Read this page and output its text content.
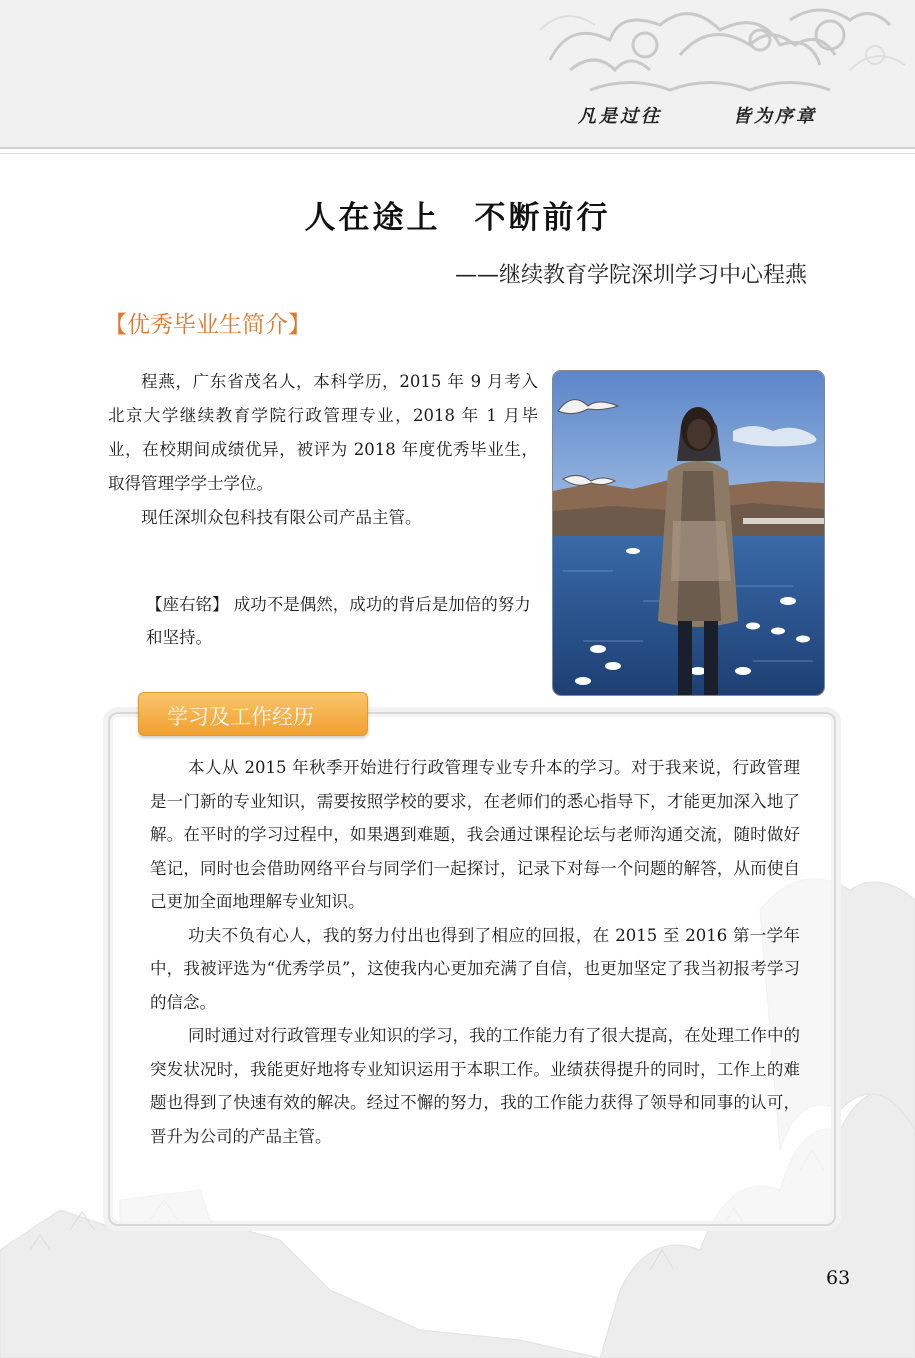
凡是过往	皆为序章
人在途上　不断前行
——继续教育学院深圳学习中心程燕
【优秀毕业生简介】

程燕，广东省茂名人，本科学历，2015 年 9 月考入北京大学继续教育学院行政管理专业，2018 年 1 月毕业，在校期间成绩优异，被评为 2018 年度优秀毕业生，取得管理学学士学位。

现任深圳众包科技有限公司产品主管。

【座右铭】 成功不是偶然，成功的背后是加倍的努力和坚持。
学习及工作经历

本人从 2015 年秋季开始进行行政管理专业专升本的学习。对于我来说，行政管理是一门新的专业知识，需要按照学校的要求，在老师们的悉心指导下，才能更加深入地了解。在平时的学习过程中，如果遇到难题，我会通过课程论坛与老师沟通交流，随时做好笔记，同时也会借助网络平台与同学们一起探讨，记录下对每一个问题的解答，从而使自己更加全面地理解专业知识。

功夫不负有心人，我的努力付出也得到了相应的回报，在 2015 至 2016 第一学年中，我被评选为“优秀学员”，这使我内心更加充满了自信，也更加坚定了我当初报考学习的信念。

同时通过对行政管理专业知识的学习，我的工作能力有了很大提高，在处理工作中的突发状况时，我能更好地将专业知识运用于本职工作。业绩获得提升的同时，工作上的难题也得到了快速有效的解决。经过不懈的努力，我的工作能力获得了领导和同事的认可，晋升为公司的产品主管。

63
